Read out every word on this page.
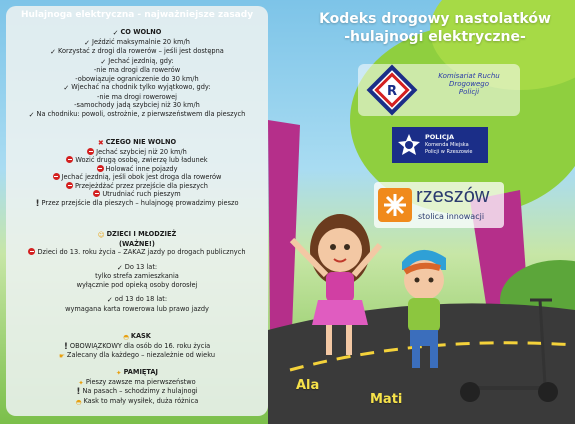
Hulajnoga elektryczna - najważniejsze zasady
✓ CO WOLNO
✓ Jeździć maksymalnie 20 km/h
✓ Korzystać z drogi dla rowerów – jeśli jest dostępna
✓ Jechać jezdnią, gdy:
-nie ma drogi dla rowerów
-obowiązuje ograniczenie do 30 km/h
✓ Wjechać na chodnik tylko wyjątkowo, gdy:
-nie ma drogi rowerowej
-samochody jadą szybciej niż 30 km/h
✓ Na chodniku: powoli, ostrożnie, z pierwszeństwem dla pieszych
✖ CZEGO NIE WOLNO
Jechać szybciej niż 20 km/h
Wozić drugą osobę, zwierzę lub ładunek
Holować inne pojazdy
Jechać jezdnią, jeśli obok jest droga dla rowerów
Przejeżdżać przez przejście dla pieszych
Utrudniać ruch pieszym
! Przez przejście dla pieszych – hulajnogę prowadzimy pieszo
☺ DZIECI I MŁODZIEŻ
(WAŻNE!)
Dzieci do 13. roku życia – ZAKAZ jazdy po drogach publicznych
✓ Do 13 lat:
tylko strefa zamieszkania
wyłącznie pod opieką osoby dorosłej
✓ od 13 do 18 lat:
wymagana karta rowerowa lub prawo jazdy
◓ KASK
! OBOWIĄZKOWY dla osób do 16. roku życia
☛ Zalecany dla każdego – niezależnie od wieku
✦ PAMIĘTAJ
✦ Pieszy zawsze ma pierwszeństwo
! Na pasach – schodzimy z hulajnogi
◓ Kask to mały wysiłek, duża różnica
Kodeks drogowy nastolatków
-hulajnogi elektryczne-
R
Komisariat Ruchu Drogowego Policji
POLICJA
Komenda Miejska
Policji w Rzeszowie
rzeszów
stolica innowacji
Ala
Mati
